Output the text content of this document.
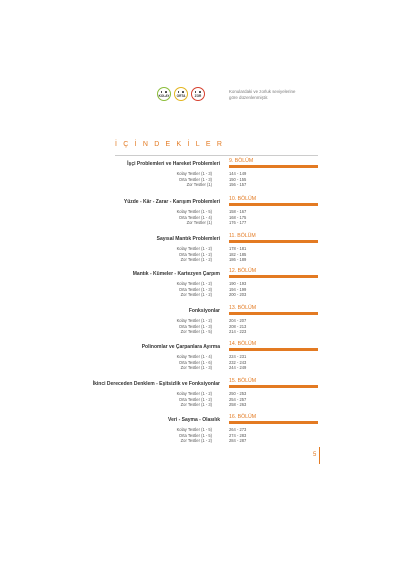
KOLAY	ORTA	ZOR
Konulardaki ve zorluk seviyelerine
göre düzenlenmiştir.
İÇİNDEKİLER
İşçi Problemleri ve Hareket Problemleri 9. BÖLÜM
Kolay Testler (1 - 3)	144 - 149
Orta Testler (1 - 3)	150 - 155
Zor Testler (1)	156 - 157
Yüzde - Kâr - Zarar - Karışım Problemleri 10. BÖLÜM
Kolay Testler (1 - 5)	158 - 167
Orta Testler (1 - 4)	168 - 175
Zor Testler (1)	176 - 177
Sayısal Mantık Problemleri 11. BÖLÜM
Kolay Testler (1 - 2)	178 - 181
Orta Testler (1 - 2)	182 - 185
Zor Testler (1 - 2)	186 - 189
Mantık - Kümeler - Kartezyen Çarpım 12. BÖLÜM
Kolay Testler (1 - 2)	190 - 193
Orta Testler (1 - 3)	194 - 199
Zor Testler (1 - 2)	200 - 203
Fonksiyonlar 13. BÖLÜM
Kolay Testler (1 - 2)	204 - 207
Orta Testler (1 - 3)	208 - 213
Zor Testler (1 - 5)	214 - 223
Polinomlar ve Çarpanlara Ayırma 14. BÖLÜM
Kolay Testler (1 - 4)	224 - 231
Orta Testler (1 - 6)	232 - 243
Zor Testler (1 - 3)	244 - 249
İkinci Dereceden Denklem - Eşitsizlik ve Fonksiyonlar 15. BÖLÜM
Kolay Testler (1 - 2)	250 - 253
Orta Testler (1 - 2)	254 - 257
Zor Testler (1 - 3)	258 - 263
Veri - Sayma - Olasılık 16. BÖLÜM
Kolay Testler (1 - 5)	264 - 273
Orta Testler (1 - 5)	274 - 283
Zor Testler (1 - 2)	284 - 287
5
